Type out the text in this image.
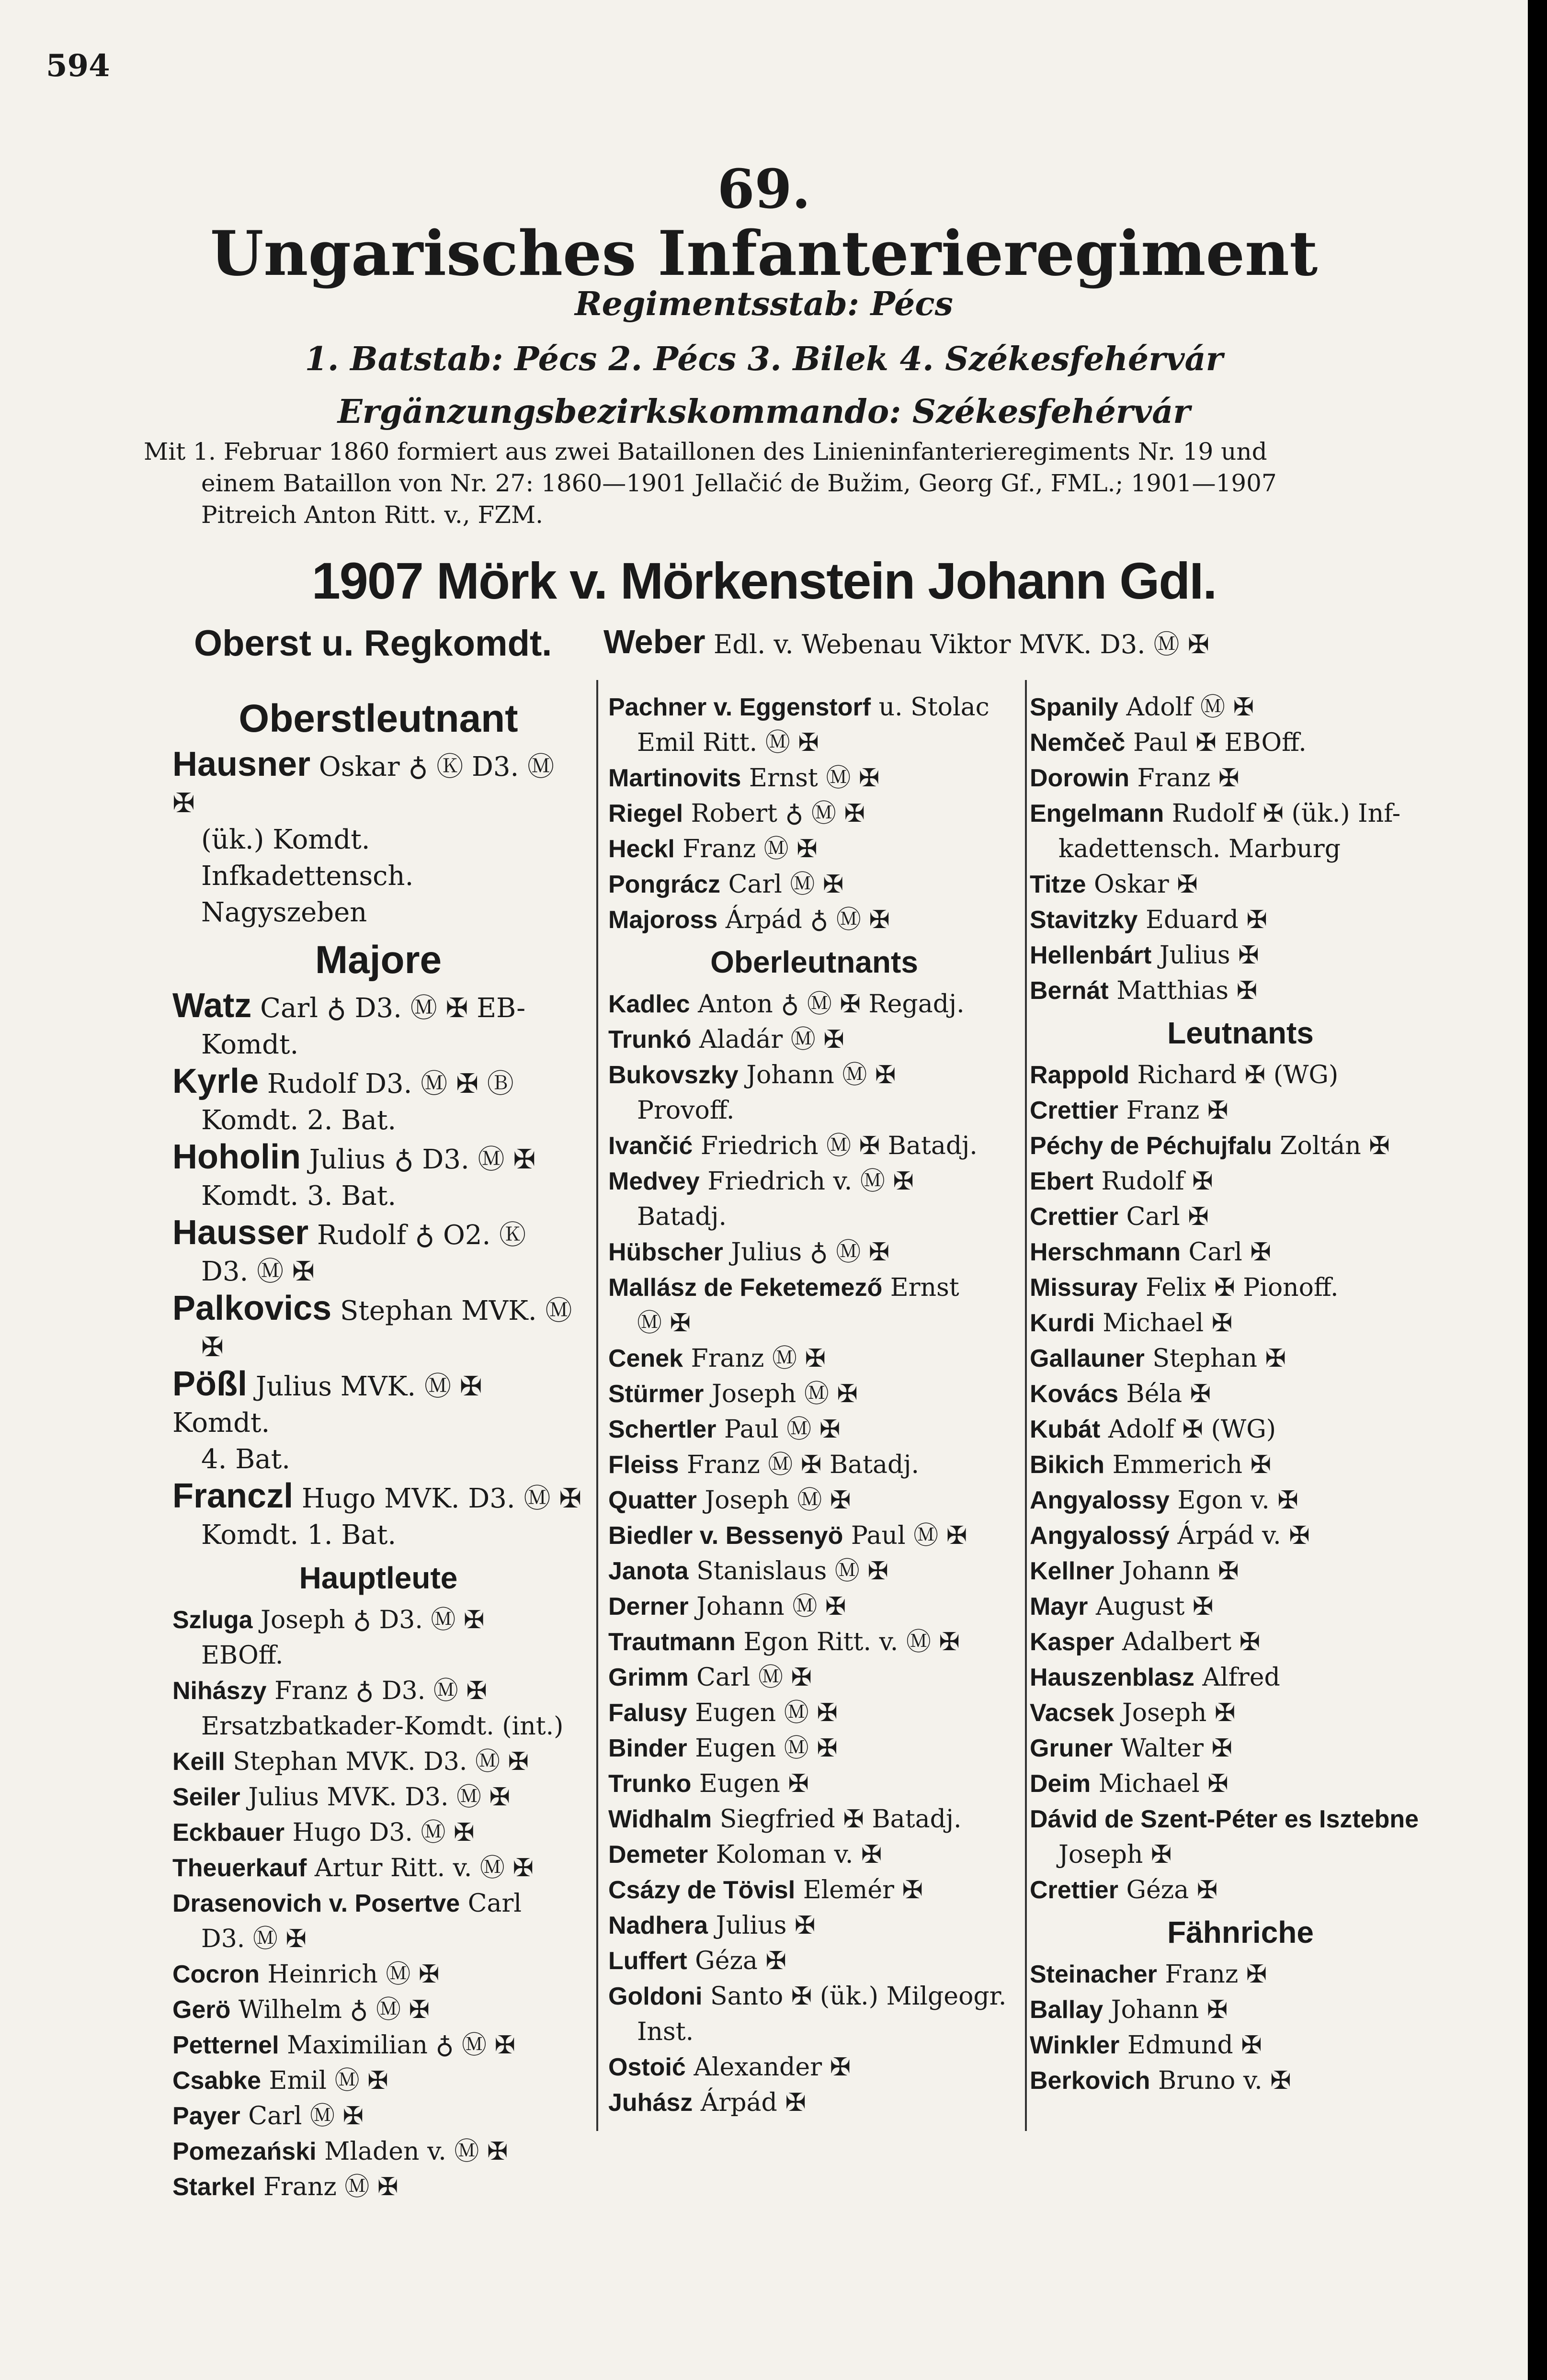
594
69.
Ungarisches Infanterieregiment
Regimentsstab: Pécs
1. Batstab: Pécs 2. Pécs 3. Bilek 4. Székesfehérvár
Ergänzungsbezirkskommando: Székesfehérvár
Mit 1. Februar 1860 formiert aus zwei Bataillonen des Linieninfanterieregiments Nr. 19 und
einem Bataillon von Nr. 27: 1860—1901 Jellačić de Bužim, Georg Gf., FML.; 1901—1907
Pitreich Anton Ritt. v., FZM.
1907 Mörk v. Mörkenstein Johann GdI.
Oberst u. Regkomdt. Weber Edl. v. Webenau Viktor MVK. D3. Ⓜ ✠
Oberstleutnant
Hausner Oskar ♁ Ⓚ D3. Ⓜ ✠
(ük.) Komdt. Infkadettensch.
Nagyszeben
Majore
Watz Carl ♁ D3. Ⓜ ✠ EB-
Komdt.
Kyrle Rudolf D3. Ⓜ ✠ Ⓑ
Komdt. 2. Bat.
Hoholin Julius ♁ D3. Ⓜ ✠
Komdt. 3. Bat.
Hausser Rudolf ♁ O2. Ⓚ
D3. Ⓜ ✠
Palkovics Stephan MVK. Ⓜ
✠
Pößl Julius MVK. Ⓜ ✠ Komdt.
4. Bat.
Franczl Hugo MVK. D3. Ⓜ ✠
Komdt. 1. Bat.
Hauptleute
Szluga Joseph ♁ D3. Ⓜ ✠
EBOff.
Nihászy Franz ♁ D3. Ⓜ ✠
Ersatzbatkader-Komdt. (int.)
Keill Stephan MVK. D3. Ⓜ ✠
Seiler Julius MVK. D3. Ⓜ ✠
Eckbauer Hugo D3. Ⓜ ✠
Theuerkauf Artur Ritt. v. Ⓜ ✠
Drasenovich v. Posertve Carl
D3. Ⓜ ✠
Cocron Heinrich Ⓜ ✠
Gerö Wilhelm ♁ Ⓜ ✠
Petternel Maximilian ♁ Ⓜ ✠
Csabke Emil Ⓜ ✠
Payer Carl Ⓜ ✠
Pomezański Mladen v. Ⓜ ✠
Starkel Franz Ⓜ ✠
Pachner v. Eggenstorf u. Stolac
Emil Ritt. Ⓜ ✠
Martinovits Ernst Ⓜ ✠
Riegel Robert ♁ Ⓜ ✠
Heckl Franz Ⓜ ✠
Pongrácz Carl Ⓜ ✠
Majoross Árpád ♁ Ⓜ ✠
Oberleutnants
Kadlec Anton ♁ Ⓜ ✠ Regadj.
Trunkó Aladár Ⓜ ✠
Bukovszky Johann Ⓜ ✠
Provoff.
Ivančić Friedrich Ⓜ ✠ Batadj.
Medvey Friedrich v. Ⓜ ✠
Batadj.
Hübscher Julius ♁ Ⓜ ✠
Mallász de Feketemező Ernst
Ⓜ ✠
Cenek Franz Ⓜ ✠
Stürmer Joseph Ⓜ ✠
Schertler Paul Ⓜ ✠
Fleiss Franz Ⓜ ✠ Batadj.
Quatter Joseph Ⓜ ✠
Biedler v. Bessenyö Paul Ⓜ ✠
Janota Stanislaus Ⓜ ✠
Derner Johann Ⓜ ✠
Trautmann Egon Ritt. v. Ⓜ ✠
Grimm Carl Ⓜ ✠
Falusy Eugen Ⓜ ✠
Binder Eugen Ⓜ ✠
Trunko Eugen ✠
Widhalm Siegfried ✠ Batadj.
Demeter Koloman v. ✠
Csázy de Tövisl Elemér ✠
Nadhera Julius ✠
Luffert Géza ✠
Goldoni Santo ✠ (ük.) Milgeogr.
Inst.
Ostoić Alexander ✠
Juhász Árpád ✠
Spanily Adolf Ⓜ ✠
Nemčeč Paul ✠ EBOff.
Dorowin Franz ✠
Engelmann Rudolf ✠ (ük.) Inf-
kadettensch. Marburg
Titze Oskar ✠
Stavitzky Eduard ✠
Hellenbárt Julius ✠
Bernát Matthias ✠
Leutnants
Rappold Richard ✠ (WG)
Crettier Franz ✠
Péchy de Péchujfalu Zoltán ✠
Ebert Rudolf ✠
Crettier Carl ✠
Herschmann Carl ✠
Missuray Felix ✠ Pionoff.
Kurdi Michael ✠
Gallauner Stephan ✠
Kovács Béla ✠
Kubát Adolf ✠ (WG)
Bikich Emmerich ✠
Angyalossy Egon v. ✠
Angyalossý Árpád v. ✠
Kellner Johann ✠
Mayr August ✠
Kasper Adalbert ✠
Hauszenblasz Alfred
Vacsek Joseph ✠
Gruner Walter ✠
Deim Michael ✠
Dávid de Szent-Péter es Isztebne
Joseph ✠
Crettier Géza ✠
Fähnriche
Steinacher Franz ✠
Ballay Johann ✠
Winkler Edmund ✠
Berkovich Bruno v. ✠
